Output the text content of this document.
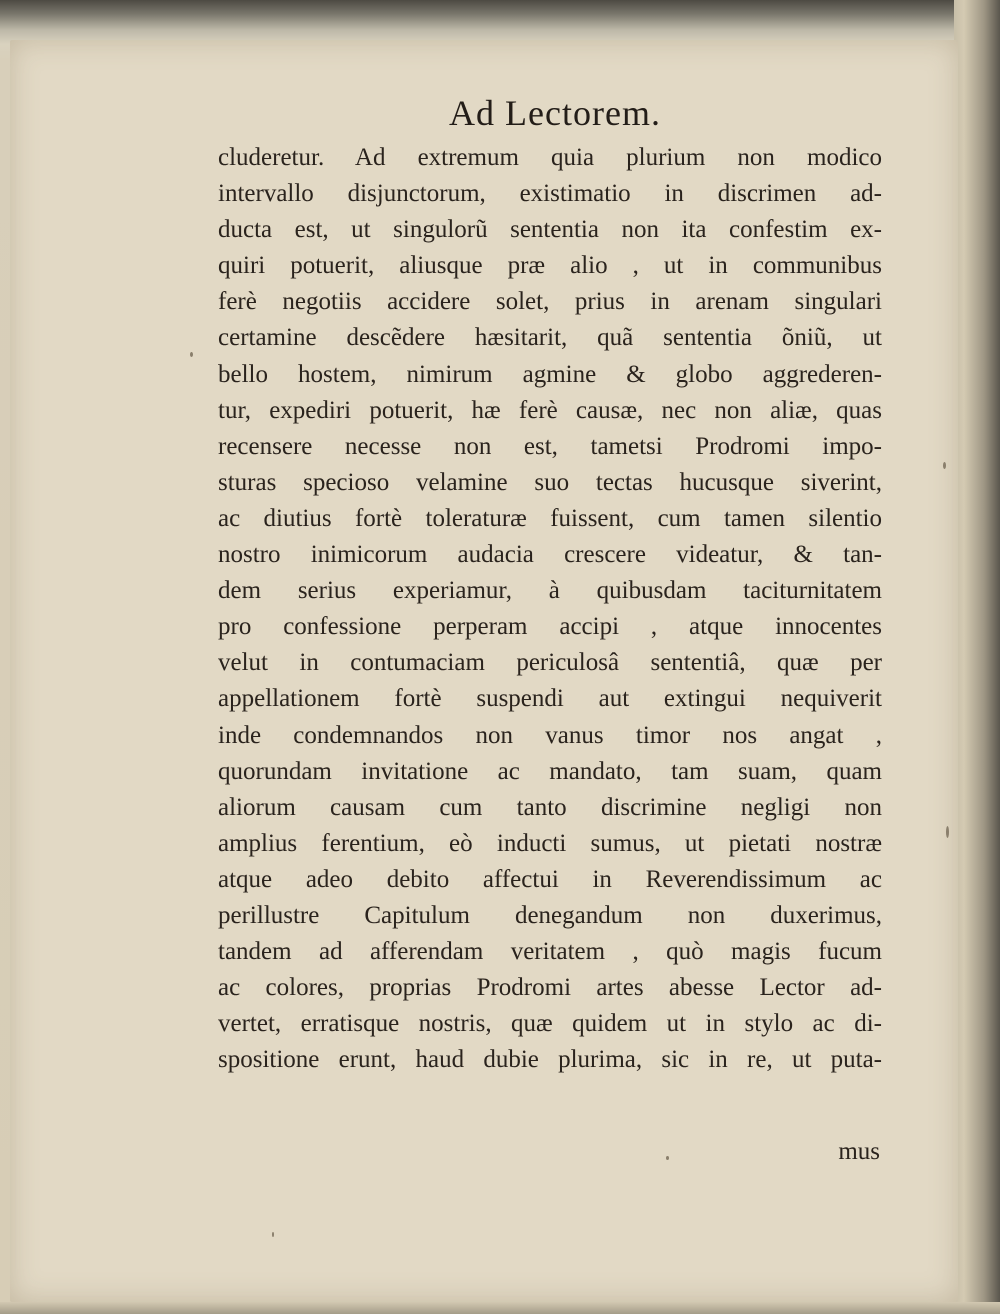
Ad Lectorem.
cluderetur. Ad extremum quia plurium non modico
intervallo disjunctorum, existimatio in discrimen ad-
ducta est, ut singulorũ sententia non ita confestim ex-
quiri potuerit, aliusque præ alio , ut in communibus
ferè negotiis accidere solet, prius in arenam singulari
certamine descẽdere hæsitarit, quã sententia õniũ, ut
bello hostem, nimirum agmine & globo aggrederen-
tur, expediri potuerit, hæ ferè causæ, nec non aliæ, quas
recensere necesse non est, tametsi Prodromi impo-
sturas specioso velamine suo tectas hucusque siverint,
ac diutius fortè toleraturæ fuissent, cum tamen silentio
nostro inimicorum audacia crescere videatur, & tan-
dem serius experiamur, à quibusdam taciturnitatem
pro confessione perperam accipi , atque innocentes
velut in contumaciam periculosâ sententiâ, quæ per
appellationem fortè suspendi aut extingui nequiverit
inde condemnandos non vanus timor nos angat ,
quorundam invitatione ac mandato, tam suam, quam
aliorum causam cum tanto discrimine negligi non
amplius ferentium, eò inducti sumus, ut pietati nostræ
atque adeo debito affectui in Reverendissimum ac
perillustre Capitulum denegandum non duxerimus,
tandem ad afferendam veritatem , quò magis fucum
ac colores, proprias Prodromi artes abesse Lector ad-
vertet, erratisque nostris, quæ quidem ut in stylo ac di-
spositione erunt, haud dubie plurima, sic in re, ut puta-
mus
